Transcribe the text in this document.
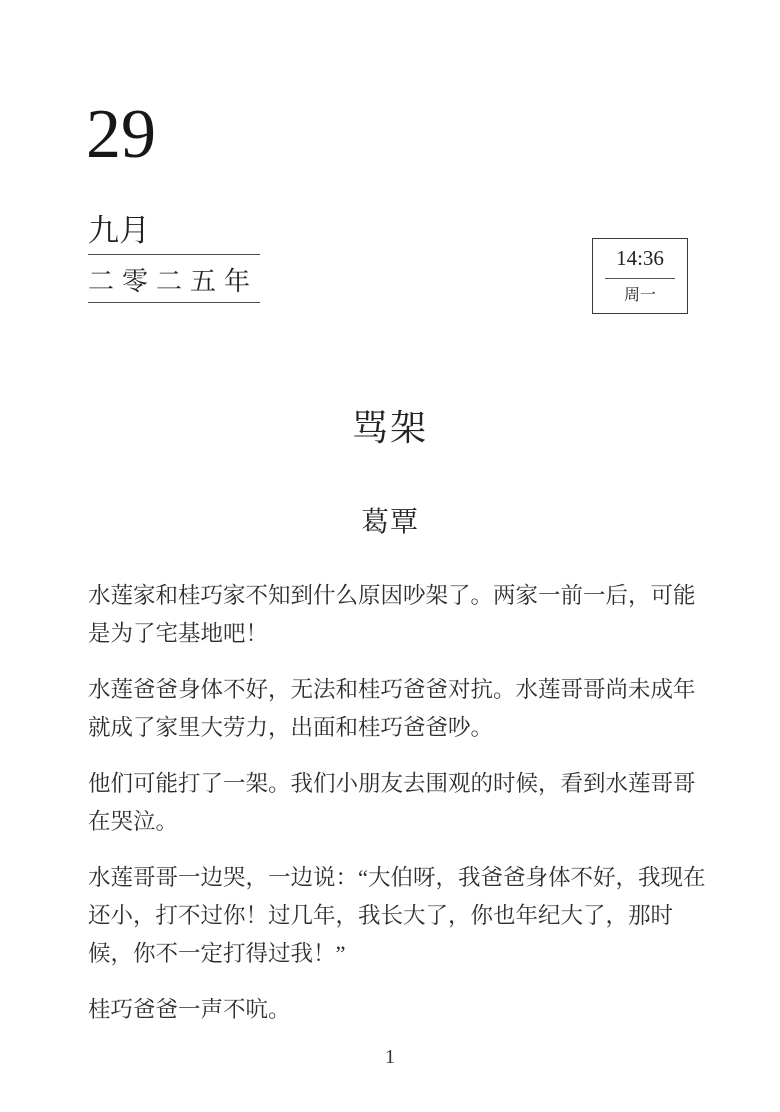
29
九月
二零二五年
14:36
周一
骂架
葛覃

水莲家和桂巧家不知到什么原因吵架了。两家一前一后，可能是为了宅基地吧！

水莲爸爸身体不好，无法和桂巧爸爸对抗。水莲哥哥尚未成年就成了家里大劳力，出面和桂巧爸爸吵。

他们可能打了一架。我们小朋友去围观的时候，看到水莲哥哥在哭泣。

水莲哥哥一边哭，一边说：“大伯呀，我爸爸身体不好，我现在还小，打不过你！过几年，我长大了，你也年纪大了，那时候，你不一定打得过我！”

桂巧爸爸一声不吭。

1
